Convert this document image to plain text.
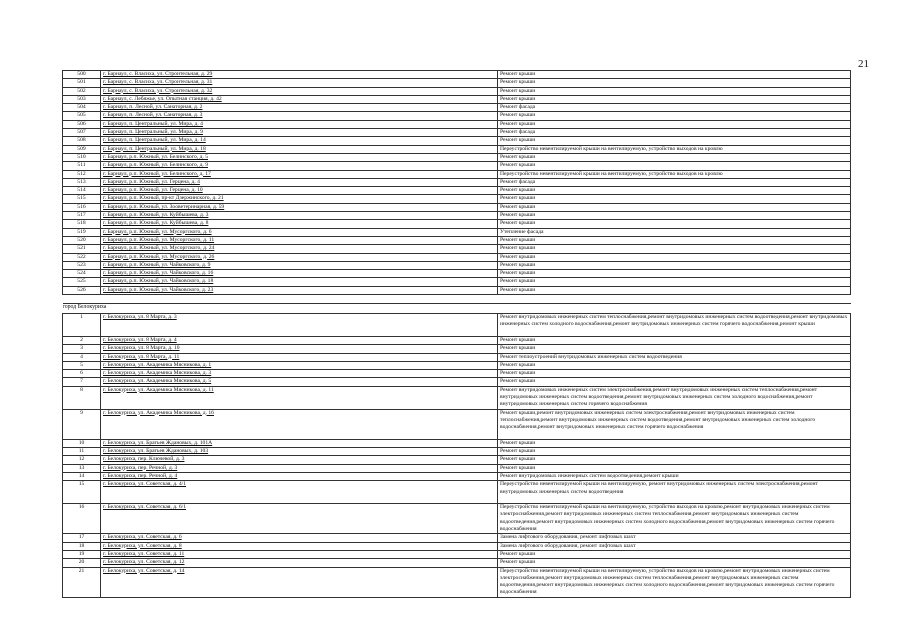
21
500	г. Барнаул, с. Власиха, ул. Строительная, д. 29	Ремонт крыши
501	г. Барнаул, с. Власиха, ул. Строительная, д. 31	Ремонт крыши
502	г. Барнаул, с. Власиха, ул. Строительная, д. 32	Ремонт крыши
503	г. Барнаул, с. Лебяжье, ул. Опытная станция, д. 42	Ремонт крыши
504	г. Барнаул, п. Лесной, ул. Санаторная, д. 2	Ремонт фасада
505	г. Барнаул, п. Лесной, ул. Санаторная, д. 3	Ремонт крыши
506	г. Барнаул, п. Центральный, ул. Мира, д. 4	Ремонт крыши
507	г. Барнаул, п. Центральный, ул. Мира, д. 9	Ремонт фасада
508	г. Барнаул, п. Центральный, ул. Мира, д. 14	Ремонт крыши
509	г. Барнаул, п. Центральный, ул. Мира, д. 18	Переустройство невентилируемой крыши на вентилируемую, устройство выходов на кровлю
510	г. Барнаул, р.п. Южный, ул. Белинского, д. 5	Ремонт крыши
511	г. Барнаул, р.п. Южный, ул. Белинского, д. 9	Ремонт крыши
512	г. Барнаул, р.п. Южный, ул. Белинского, д. 17	Переустройство невентилируемой крыши на вентилируемую, устройство выходов на кровлю
513	г. Барнаул, р.п. Южный, ул. Герцена, д. 4	Ремонт фасада
514	г. Барнаул, р.п. Южный, ул. Герцена, д. 10	Ремонт крыши
515	г. Барнаул, р.п. Южный, пр-кт Дзержинского, д. 21	Ремонт крыши
516	г. Барнаул, р.п. Южный, ул. Зооветеринарная, д. 59	Ремонт крыши
517	г. Барнаул, р.п. Южный, ул. Куйбышева, д. 3	Ремонт крыши
518	г. Барнаул, р.п. Южный, ул. Куйбышева, д. 8	Ремонт крыши
519	г. Барнаул, р.п. Южный, ул. Мусоргского, д. 6	Утепление фасада
520	г. Барнаул, р.п. Южный, ул. Мусоргского, д. 11	Ремонт крыши
521	г. Барнаул, р.п. Южный, ул. Мусоргского, д. 24	Ремонт крыши
522	г. Барнаул, р.п. Южный, ул. Мусоргского, д. 26	Ремонт крыши
523	г. Барнаул, р.п. Южный, ул. Чайковского, д. 9	Ремонт крыши
524	г. Барнаул, р.п. Южный, ул. Чайковского, д. 16	Ремонт крыши
525	г. Барнаул, р.п. Южный, ул. Чайковского, д. 18	Ремонт крыши
526	г. Барнаул, р.п. Южный, ул. Чайковского, д. 23	Ремонт крыши

город Белокуриха		
1	г. Белокуриха, ул. 8 Марта, д. 3	Ремонт внутридомовых инженерных систем теплоснабжения,ремонт внутридомовых инженерных систем водоотведения,ремонт внутридомовых инженерных систем холодного водоснабжения,ремонт внутридомовых инженерных систем горячего водоснабжения,ремонт крыши
2	г. Белокуриха, ул. 8 Марта, д. 4	Ремонт крыши
3	г. Белокуриха, ул. 8 Марта, д. 10	Ремонт крыши
4	г. Белокуриха, ул. 8 Марта, д. 11	Ремонт теплоустроений внутридомовых инженерных систем водоотведения
5	г. Белокуриха, ул. Академика Мясникова, д. 1	Ремонт крыши
6	г. Белокуриха, ул. Академика Мясникова, д. 3	Ремонт крыши
7	г. Белокуриха, ул. Академика Мясникова, д. 5	Ремонт крыши
8	г. Белокуриха, ул. Академика Мясникова, д. 11	Ремонт внутридомовых инженерных систем электроснабжения,ремонт внутридомовых инженерных систем теплоснабжения,ремонт внутридомовых инженерных систем водоотведения,ремонт внутридомовых инженерных систем холодного водоснабжения,ремонт внутридомовых инженерных систем горячего водоснабжения
9	г. Белокуриха, ул. Академика Мясникова, д. 16	Ремонт крыши,ремонт внутридомовых инженерных систем электроснабжения,ремонт внутридомовых инженерных систем теплоснабжения,ремонт внутридомовых инженерных систем водоотведения,ремонт внутридомовых инженерных систем холодного водоснабжения,ремонт внутридомовых инженерных систем горячего водоснабжения
10	г. Белокуриха, ул. Братьев Ждановых, д. 101А	Ремонт крыши
11	г. Белокуриха, ул. Братьев Ждановых, д. 103	Ремонт крыши
12	г. Белокуриха, пер. Ключевой, д. 3	Ремонт крыши
13	г. Белокуриха, пер. Речной, д. 3	Ремонт крыши
14	г. Белокуриха, пер. Речной, д. 4	Ремонт внутридомовых инженерных систем водоотведения,ремонт крыши
15	г. Белокуриха, ул. Советская, д. 4/1	Переустройство невентилируемой крыши на вентилируемую, ремонт внутридомовых инженерных систем электроснабжения,ремонт внутридомовых инженерных систем водоотведения
16	г. Белокуриха, ул. Советская, д. 6/1	Переустройство невентилируемой крыши на вентилируемую, устройство выходов на кровлю,ремонт внутридомовых инженерных систем электроснабжения,ремонт внутридомовых инженерных систем теплоснабжения,ремонт внутридомовых инженерных систем водоотведения,ремонт внутридомовых инженерных систем холодного водоснабжения,ремонт внутридомовых инженерных систем горячего водоснабжения
17	г. Белокуриха, ул. Советская, д. 6	Замена лифтового оборудования, ремонт лифтовых шахт
18	г. Белокуриха, ул. Советская, д. 8	Замена лифтового оборудования, ремонт лифтовых шахт
19	г. Белокуриха, ул. Советская, д. 11	Ремонт крыши
20	г. Белокуриха, ул. Советская, д. 12	Ремонт крыши
21	г. Белокуриха, ул. Советская, д. 14	Переустройство невентилируемой крыши на вентилируемую, устройство выходов на кровлю,ремонт внутридомовых инженерных систем электроснабжения,ремонт внутридомовых инженерных систем теплоснабжения,ремонт внутридомовых инженерных систем водоотведения,ремонт внутридомовых инженерных систем холодного водоснабжения,ремонт внутридомовых инженерных систем горячего водоснабжения
